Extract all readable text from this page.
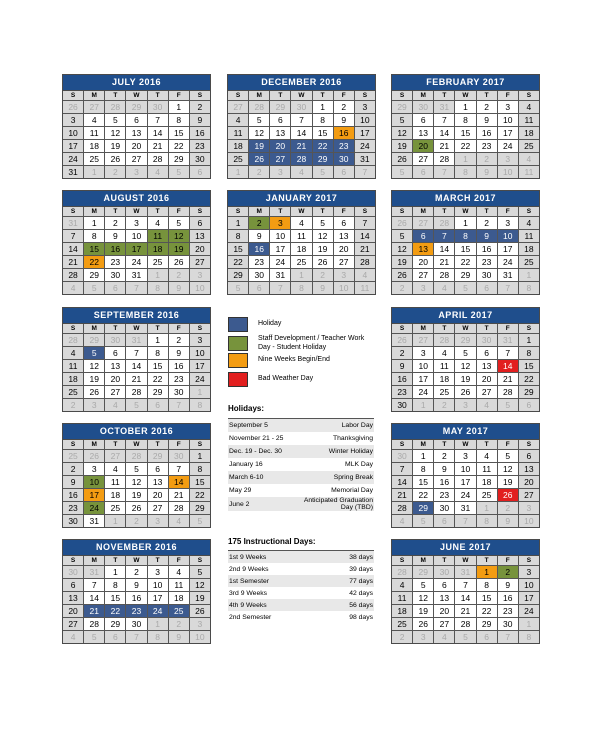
JULY 2016
S	M	T	W	T	F	S
26	27	28	29	30	1	2
3	4	5	6	7	8	9
10	11	12	13	14	15	16
17	18	19	20	21	22	23
24	25	26	27	28	29	30
31	1	2	3	4	5	6
DECEMBER 2016
S	M	T	W	T	F	S
27	28	29	30	1	2	3
4	5	6	7	8	9	10
11	12	13	14	15	16	17
18	19	20	21	22	23	24
25	26	27	28	29	30	31
1	2	3	4	5	6	7
FEBRUARY 2017
S	M	T	W	T	F	S
29	30	31	1	2	3	4
5	6	7	8	9	10	11
12	13	14	15	16	17	18
19	20	21	22	23	24	25
26	27	28	1	2	3	4
5	6	7	8	9	10	11
AUGUST 2016
S	M	T	W	T	F	S
31	1	2	3	4	5	6
7	8	9	10	11	12	13
14	15	16	17	18	19	20
21	22	23	24	25	26	27
28	29	30	31	1	2	3
4	5	6	7	8	9	10
JANUARY 2017
S	M	T	W	T	F	S
1	2	3	4	5	6	7
8	9	10	11	12	13	14
15	16	17	18	19	20	21
22	23	24	25	26	27	28
29	30	31	1	2	3	4
5	6	7	8	9	10	11
MARCH 2017
S	M	T	W	T	F	S
26	27	28	1	2	3	4
5	6	7	8	9	10	11
12	13	14	15	16	17	18
19	20	21	22	23	24	25
26	27	28	29	30	31	1
2	3	4	5	6	7	8
SEPTEMBER 2016
S	M	T	W	T	F	S
28	29	30	31	1	2	3
4	5	6	7	8	9	10
11	12	13	14	15	16	17
18	19	20	21	22	23	24
25	26	27	28	29	30	1
2	3	4	5	6	7	8
APRIL 2017
S	M	T	W	T	F	S
26	27	28	29	30	31	1
2	3	4	5	6	7	8
9	10	11	12	13	14	15
16	17	18	19	20	21	22
23	24	25	26	27	28	29
30	1	2	3	4	5	6
OCTOBER 2016
S	M	T	W	T	F	S
25	26	27	28	29	30	1
2	3	4	5	6	7	8
9	10	11	12	13	14	15
16	17	18	19	20	21	22
23	24	25	26	27	28	29
30	31	1	2	3	4	5
MAY 2017
S	M	T	W	T	F	S
30	1	2	3	4	5	6
7	8	9	10	11	12	13
14	15	16	17	18	19	20
21	22	23	24	25	26	27
28	29	30	31	1	2	3
4	5	6	7	8	9	10
NOVEMBER 2016
S	M	T	W	T	F	S
30	31	1	2	3	4	5
6	7	8	9	10	11	12
13	14	15	16	17	18	19
20	21	22	23	24	25	26
27	28	29	30	1	2	3
4	5	6	7	8	9	10
JUNE 2017
S	M	T	W	T	F	S
28	29	30	31	1	2	3
4	5	6	7	8	9	10
11	12	13	14	15	16	17
18	19	20	21	22	23	24
25	26	27	28	29	30	1
2	3	4	5	6	7	8
Holiday
Staff Development / Teacher Work Day - Student Holiday
Nine Weeks Begin/End
Bad Weather Day
Holidays:
September 5	Labor Day
November 21 - 25	Thanksgiving
Dec. 19 - Dec. 30	Winter Holiday
January 16	MLK Day
March 6-10	Spring Break
May 29	Memorial Day
June 2	Anticipated Graduation Day (TBD)
175 Instructional Days:
1st 9 Weeks	38 days
2nd 9 Weeks	39 days
1st Semester	77 days
3rd 9 Weeks	42 days
4th 9 Weeks	56 days
2nd Semester	98 days
